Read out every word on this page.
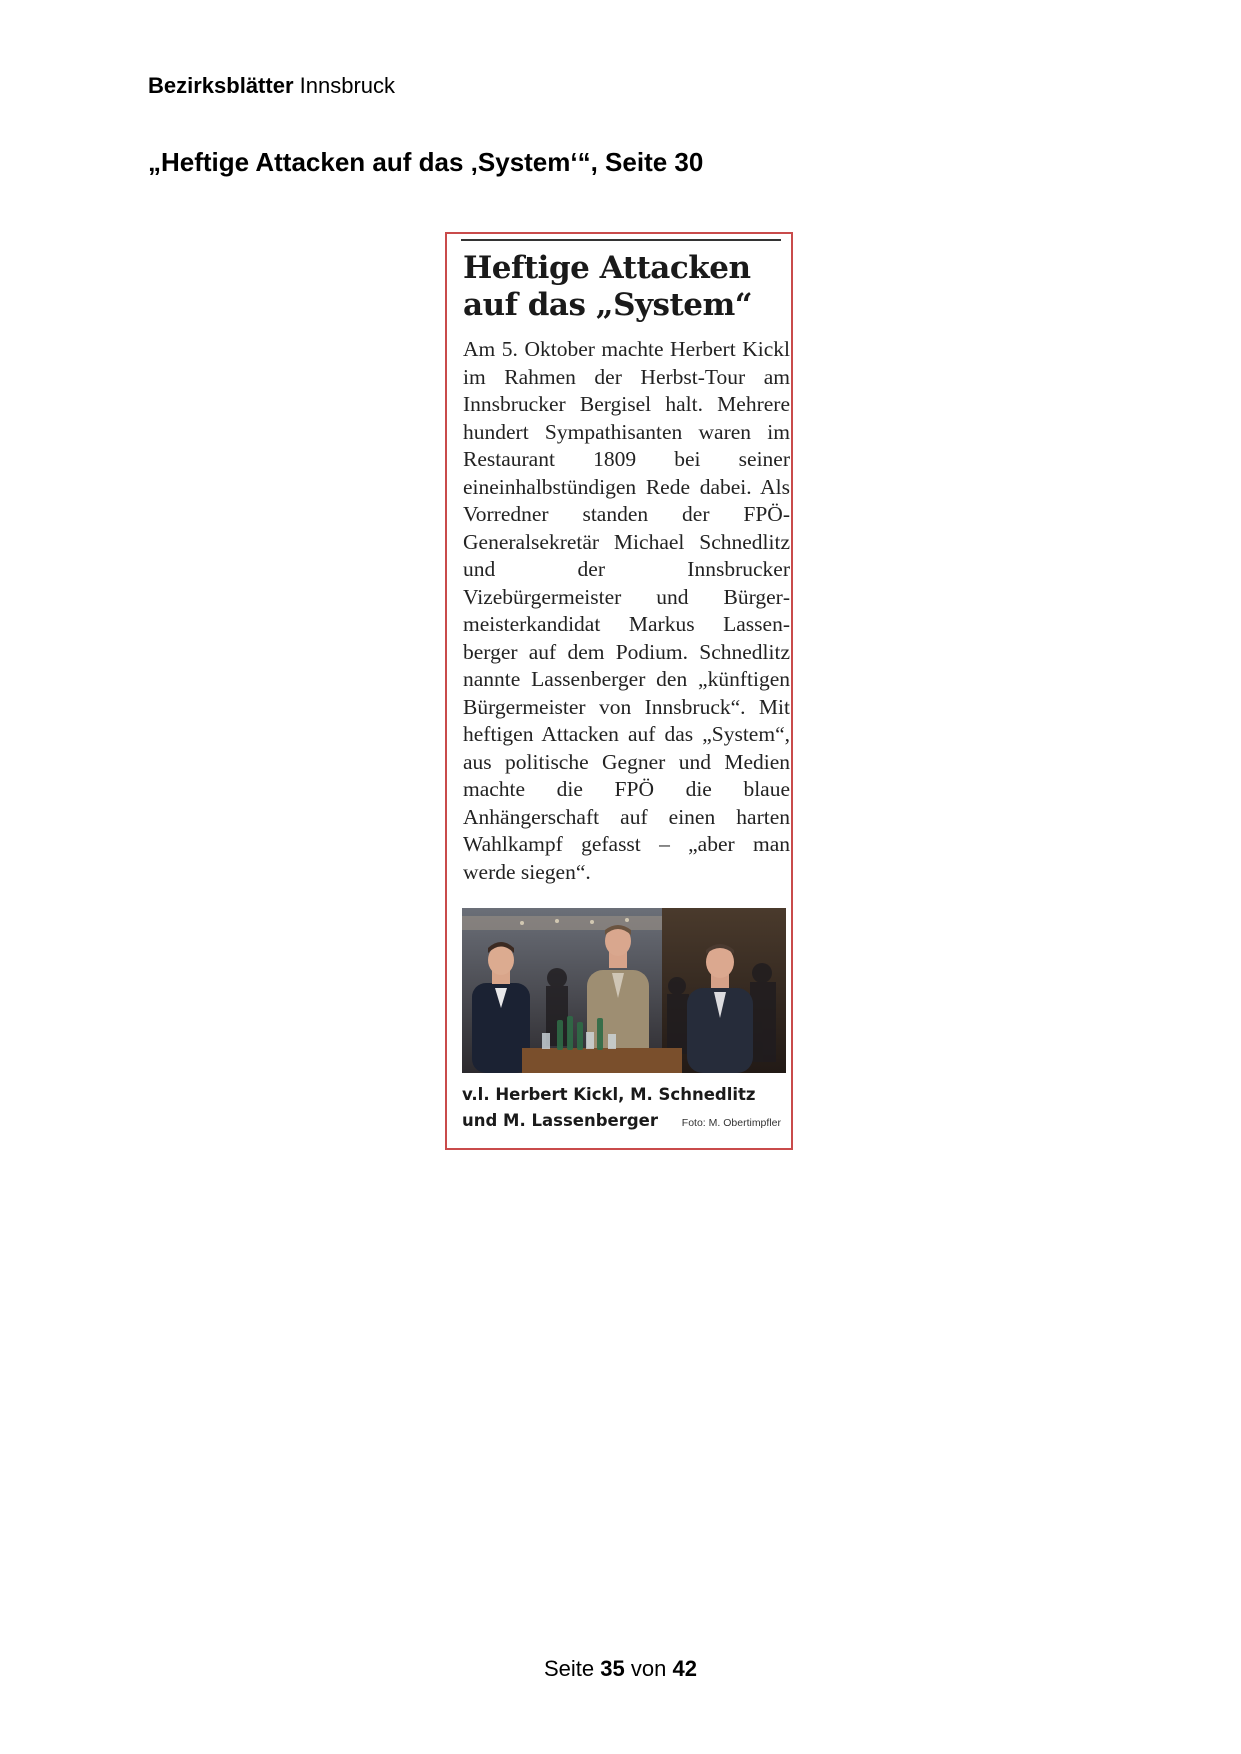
Bezirksblätter Innsbruck
„Heftige Attacken auf das ‚System‘“, Seite 30
Heftige Attacken
auf das „System“

Am 5. Oktober machte Herbert Kickl im Rahmen der Herbst-Tour am Innsbrucker Bergisel halt. Mehrere hundert Sympathisanten waren im Restaurant 1809 bei seiner eineinhalbstündigen Rede dabei. Als Vorredner standen der FPÖ-Generalsekretär Michael Schnedlitz und der Innsbrucker Vizebürgermeister und Bürgermeisterkandidat Markus Lassenberger auf dem Podium. Schnedlitz nannte Lassenberger den „künftigen Bürgermeister von Innsbruck“. Mit heftigen Attacken auf das „System“, aus politische Gegner und Medien machte die FPÖ die blaue Anhängerschaft auf einen harten Wahlkampf gefasst – „aber man werde siegen“.

v.l. Herbert Kickl, M. Schnedlitz und M. Lassenberger	Foto: M. Obertimpfler
Seite 35 von 42
